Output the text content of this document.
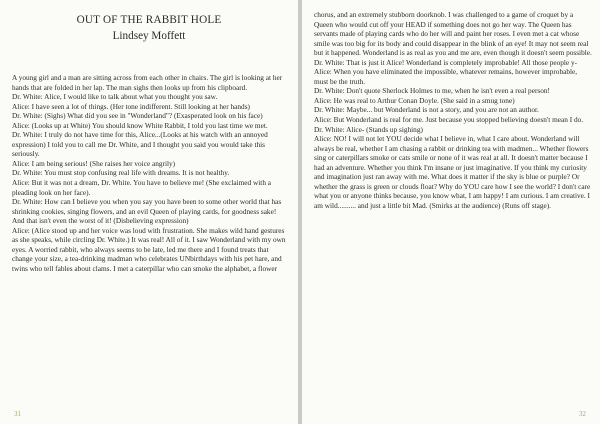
OUT OF THE RABBIT HOLE
Lindsey Moffett

A young girl and a man are sitting across from each other in chairs. The girl is looking at her hands that are folded in her lap. The man sighs then looks up from his clipboard.

Dr. White: Alice, I would like to talk about what you thought you saw.

Alice: I have seen a lot of things. (Her tone indifferent. Still looking at her hands)

Dr. White: (Sighs) What did you see in "Wonderland"? (Exasperated look on his face)

Alice: (Looks up at White) You should know White Rabbit, I told you last time we met.

Dr. White: I truly do not have time for this, Alice...(Looks at his watch with an annoyed expression) I told you to call me Dr. White, and I thought you said you would take this seriously.

Alice: I am being serious! (She raises her voice angrily)

Dr. White: You must stop confusing real life with dreams. It is not healthy.

Alice: But it was not a dream, Dr. White. You have to believe me! (She exclaimed with a pleading look on her face).

Dr. White: How can I believe you when you say you have been to some other world that has shrinking cookies, singing flowers, and an evil Queen of playing cards, for goodness sake! And that isn't even the worst of it! (Disbelieving expression)

Alice: (Alice stood up and her voice was loud with frustration. She makes wild hand gestures as she speaks, while circling Dr. White.) It was real! All of it. I saw Wonderland with my own eyes. A worried rabbit, who always seems to be late, led me there and I found treats that change your size, a tea-drinking madman who celebrates UNbirthdays with his pet hare, and twins who tell fables about clams. I met a caterpillar who can smoke the alphabet, a flower

31

chorus, and an extremely stubborn doorknob. I was challenged to a game of croquet by a Queen who would cut off your HEAD if something does not go her way. The Queen has servants made of playing cards who do her will and paint her roses. I even met a cat whose smile was too big for its body and could disappear in the blink of an eye! It may not seem real but it happened. Wonderland is as real as you and me are, even though it doesn't seem possible.

Dr. White: That is just it Alice! Wonderland is completely improbable! All those people y-

Alice: When you have eliminated the impossible, whatever remains, however improbable, must be the truth.

Dr. White: Don't quote Sherlock Holmes to me, when he isn't even a real person!

Alice: He was real to Arthur Conan Doyle. (She said in a smug tone)

Dr. White: Maybe... but Wonderland is not a story, and you are not an author.

Alice: But Wonderland is real for me. Just because you stopped believing doesn't mean I do.

Dr. White: Alice- (Stands up sighing)

Alice: NO! I will not let YOU decide what I believe in, what I care about. Wonderland will always be real, whether I am chasing a rabbit or drinking tea with madmen... Whether flowers sing or caterpillars smoke or cats smile or none of it was real at all. It doesn't matter because I had an adventure. Whether you think I'm insane or just imaginative. If you think my curiosity and imagination just ran away with me. What does it matter if the sky is blue or purple? Or whether the grass is green or clouds float? Why do YOU care how I see the world? I don't care what you or anyone thinks because, you know what, I am happy! I am curious. I am creative. I am wild.......... and just a little bit Mad. (Smirks at the audience) (Runs off stage).

32
